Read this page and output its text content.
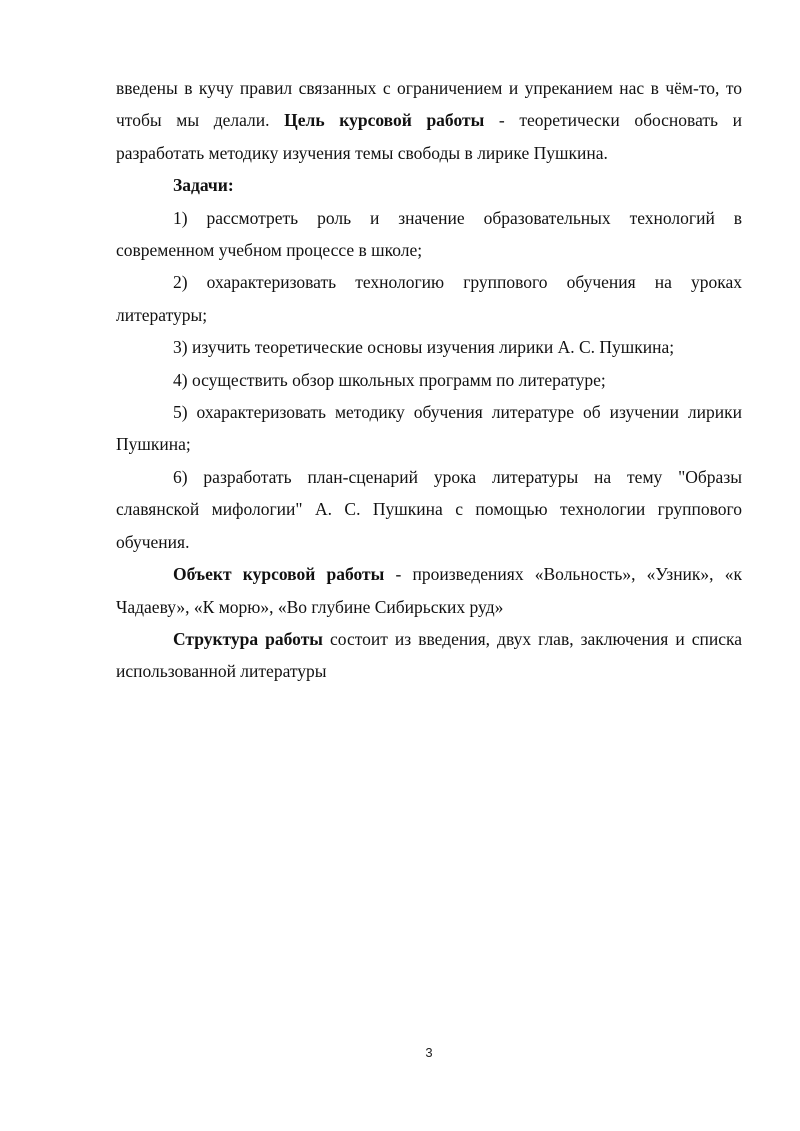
введены в кучу правил связанных с ограничением и упреканием нас в чём-то, то чтобы мы делали. Цель курсовой работы - теоретически обосновать и разработать методику изучения темы свободы в лирике Пушкина.

Задачи:

1) рассмотреть роль и значение образовательных технологий в современном учебном процессе в школе;

2) охарактеризовать технологию группового обучения на уроках литературы;

3) изучить теоретические основы изучения лирики А. С. Пушкина;

4) осуществить обзор школьных программ по литературе;

5) охарактеризовать методику обучения литературе об изучении лирики Пушкина;

6) разработать план-сценарий урока литературы на тему "Образы славянской мифологии" А. С. Пушкина с помощью технологии группового обучения.

Объект курсовой работы - произведениях «Вольность», «Узник», «к Чадаеву», «К морю», «Во глубине Сибирьских руд»

Структура работы состоит из введения, двух глав, заключения и списка использованной литературы

3
